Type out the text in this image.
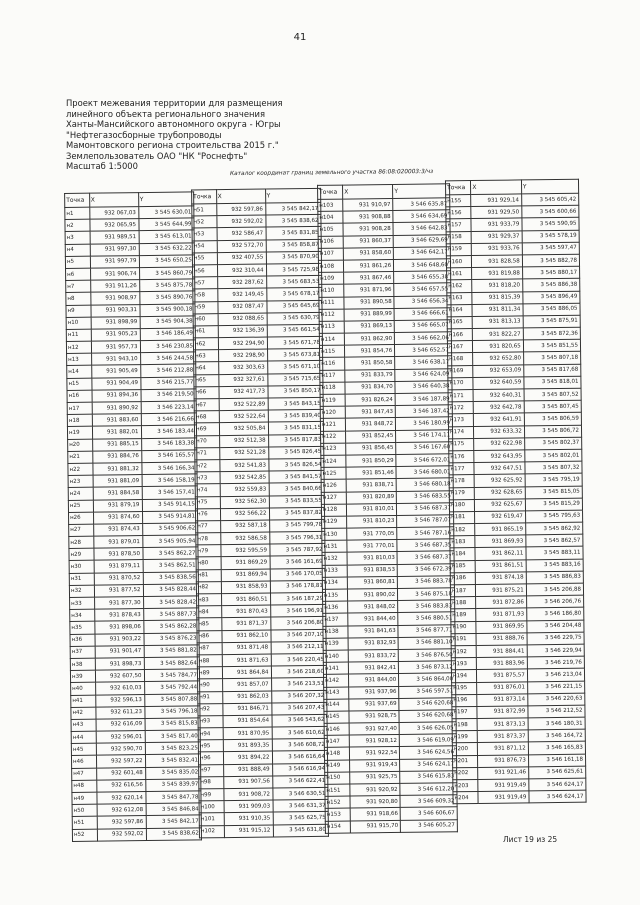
41
Проект межевания территории для размещения
линейного объекта регионального значения
Ханты-Мансийского автономного округа - Югры
"Нефтегазосборные трубопроводы
Мамонтовского региона строительства 2015 г."
Землепользователь ОАО "НК "Роснефть"
Масштаб 1:5000
Каталог координат границ земельного участка 86:08:020003:3/чз
Точка	X	Y
н1	932 067,03	3 545 630,01
н2	932 065,95	3 545 644,99
н3	931 989,51	3 545 613,01
н4	931 997,30	3 545 632,22
н5	931 997,79	3 545 650,25
н6	931 906,74	3 545 860,79
н7	931 911,26	3 545 875,78
н8	931 908,97	3 545 890,76
н9	931 903,31	3 545 900,18
н10	931 898,99	3 545 904,38
н11	931 905,23	3 546 186,49
н12	931 957,73	3 546 230,85
н13	931 943,10	3 546 244,58
н14	931 905,49	3 546 212,88
н15	931 904,49	3 546 215,77
н16	931 894,36	3 546 219,50
н17	931 890,92	3 546 223,14
н18	931 883,60	3 546 216,66
н19	931 882,01	3 546 183,44
н20	931 885,15	3 546 183,38
н21	931 884,76	3 546 165,57
н22	931 881,32	3 546 166,34
н23	931 881,09	3 546 158,19
н24	931 884,58	3 546 157,41
н25	931 879,19	3 545 914,15
н26	931 874,60	3 545 914,81
н27	931 874,43	3 545 906,62
н28	931 879,01	3 545 905,94
н29	931 878,50	3 545 862,27
н30	931 879,11	3 545 862,51
н31	931 870,52	3 545 838,56
н32	931 877,52	3 545 828,44
н33	931 877,30	3 545 828,42
н34	931 878,43	3 545 887,73
н35	931 898,06	3 545 862,28
н36	931 903,22	3 545 876,23
н37	931 901,47	3 545 881,82
н38	931 898,73	3 545 882,64
н39	932 607,50	3 545 784,77
н40	932 610,03	3 545 792,44
н41	932 596,13	3 545 807,88
н42	932 611,23	3 545 796,18
н43	932 616,09	3 545 815,83
н44	932 596,01	3 545 817,40
н45	932 590,70	3 545 823,25
н46	932 597,22	3 545 832,41
н47	932 601,48	3 545 835,02
н48	932 616,56	3 545 839,97
н49	932 620,14	3 545 847,78
н50	932 612,08	3 545 846,84
н51	932 597,86	3 545 842,17
н52	932 592,02	3 545 838,62
Точка	X	Y
н51	932 597,86	3 545 842,17
н52	932 592,02	3 545 838,62
н53	932 586,47	3 545 831,85
н54	932 572,70	3 545 858,87
н55	932 407,55	3 545 870,90
н56	932 310,44	3 545 725,98
н57	932 287,62	3 545 683,53
н58	932 149,45	3 545 678,17
н59	932 087,47	3 545 645,69
н60	932 088,65	3 545 630,79
н61	932 136,39	3 545 661,54
н62	932 294,90	3 545 671,78
н63	932 298,90	3 545 673,81
н64	932 303,63	3 545 671,10
н65	932 327,61	3 545 715,65
н66	932 417,73	3 545 850,17
н67	932 522,89	3 545 843,15
н68	932 522,64	3 545 839,40
н69	932 505,84	3 545 831,15
н70	932 512,38	3 545 817,83
н71	932 521,28	3 545 826,45
н72	932 541,83	3 545 826,54
н73	932 542,85	3 545 841,57
н74	932 559,83	3 545 840,66
н75	932 562,30	3 545 833,55
н76	932 566,22	3 545 837,82
н77	932 587,18	3 545 799,78
н78	932 586,58	3 545 796,31
н79	932 595,59	3 545 787,92
н80	931 869,29	3 546 161,69
н81	931 869,94	3 546 170,05
н82	931 858,93	3 546 178,81
н83	931 860,51	3 546 187,29
н84	931 870,43	3 546 196,91
н85	931 871,37	3 546 206,80
н86	931 862,10	3 546 207,10
н87	931 871,48	3 546 212,11
н88	931 871,63	3 546 220,45
н89	931 864,84	3 546 218,60
н90	931 857,07	3 546 213,51
н91	931 862,03	3 546 207,32
н92	931 846,71	3 546 207,43
н93	931 854,64	3 546 543,62
н94	931 870,95	3 546 610,62
н95	931 893,35	3 546 608,72
н96	931 894,22	3 546 616,64
н97	931 888,49	3 546 616,94
н98	931 907,56	3 546 622,41
н99	931 908,72	3 546 630,51
н100	931 909,03	3 546 631,37
н101	931 910,35	3 545 625,75
н102	931 915,12	3 545 631,80
Точка	X	Y
н103	931 910,97	3 546 635,87
н104	931 908,88	3 546 634,69
н105	931 908,28	3 546 642,83
н106	931 860,37	3 546 629,69
н107	931 858,60	3 546 642,17
н108	931 861,26	3 546 648,60
н109	931 867,46	3 546 655,38
н110	931 871,96	3 546 657,55
н111	931 890,58	3 546 656,34
н112	931 889,99	3 546 666,61
н113	931 869,13	3 546 665,07
н114	931 862,90	3 546 662,06
н115	931 854,76	3 546 652,57
н116	931 850,58	3 546 638,17
н117	931 833,79	3 546 624,09
н118	931 834,70	3 546 640,38
н119	931 826,24	3 546 187,89
н120	931 847,43	3 546 187,42
н121	931 848,72	3 546 180,99
н122	931 852,45	3 546 174,11
н123	931 856,45	3 546 167,60
н124	931 850,29	3 546 672,01
н125	931 851,46	3 546 680,01
н126	931 838,71	3 546 680,18
н127	931 820,89	3 546 683,55
н128	931 810,01	3 546 687,37
н129	931 810,23	3 546 787,07
н130	931 770,05	3 546 787,16
н131	931 770,01	3 546 687,35
н132	931 810,03	3 546 687,37
н133	931 838,53	3 546 672,39
н134	931 860,81	3 546 883,78
н135	931 890,02	3 546 875,18
н136	931 848,02	3 546 883,83
н137	931 844,40	3 546 880,51
н138	931 841,63	3 546 877,71
н139	931 832,93	3 546 881,10
н140	931 833,72	3 546 876,50
н141	931 842,41	3 546 873,12
н142	931 844,00	3 546 864,00
н143	931 937,96	3 546 597,51
н144	931 937,69	3 546 620,68
н145	931 928,75	3 546 620,68
н146	931 927,40	3 546 626,05
н147	931 928,12	3 546 619,09
н148	931 922,54	3 546 624,56
н149	931 919,43	3 546 624,17
н150	931 925,75	3 546 615,83
н151	931 920,92	3 546 612,20
н152	931 920,80	3 546 609,32
н153	931 918,66	3 546 606,67
н154	931 915,70	3 546 605,27
Точка	X	Y
н155	931 929,14	3 545 605,42
н156	931 929,50	3 545 600,66
н157	931 933,79	3 545 590,95
н158	931 929,37	3 545 578,19
н159	931 933,76	3 545 597,47
н160	931 828,58	3 545 882,78
н161	931 819,88	3 545 880,17
н162	931 818,20	3 545 886,38
н163	931 815,39	3 545 896,49
н164	931 811,34	3 545 886,05
н165	931 813,13	3 545 875,91
н166	931 822,27	3 545 872,36
н167	931 820,65	3 545 851,55
н168	932 652,80	3 545 807,18
н169	932 653,09	3 545 817,68
н170	932 640,59	3 545 818,01
н171	932 640,31	3 545 807,52
н172	932 642,78	3 545 807,45
н173	932 641,91	3 545 806,59
н174	932 633,32	3 545 806,72
н175	932 622,98	3 545 802,37
н176	932 643,95	3 545 802,01
н177	932 647,51	3 545 807,32
н178	932 625,92	3 545 795,19
н179	932 628,65	3 545 815,05
н180	932 625,67	3 545 815,29
н181	932 619,47	3 545 795,63
н182	931 865,19	3 545 862,92
н183	931 869,93	3 545 862,57
н184	931 862,11	3 545 883,11
н185	931 861,51	3 545 883,16
н186	931 874,18	3 545 886,83
н187	931 875,21	3 545 206,88
н188	931 872,86	3 546 206,76
н189	931 871,93	3 546 186,80
н190	931 869,95	3 546 204,48
н191	931 888,76	3 546 229,75
н192	931 884,41	3 546 229,94
н193	931 883,96	3 546 219,76
н194	931 875,57	3 546 213,04
н195	931 876,01	3 546 221,15
н196	931 873,14	3 546 220,63
н197	931 872,99	3 546 212,52
н198	931 873,13	3 546 180,31
н199	931 873,37	3 546 164,72
н200	931 871,12	3 546 165,83
н201	931 876,73	3 546 161,18
н202	931 921,46	3 546 625,61
н203	931 919,49	3 546 624,17
н204	931 919,49	3 546 624,17
Лист 19 из 25
